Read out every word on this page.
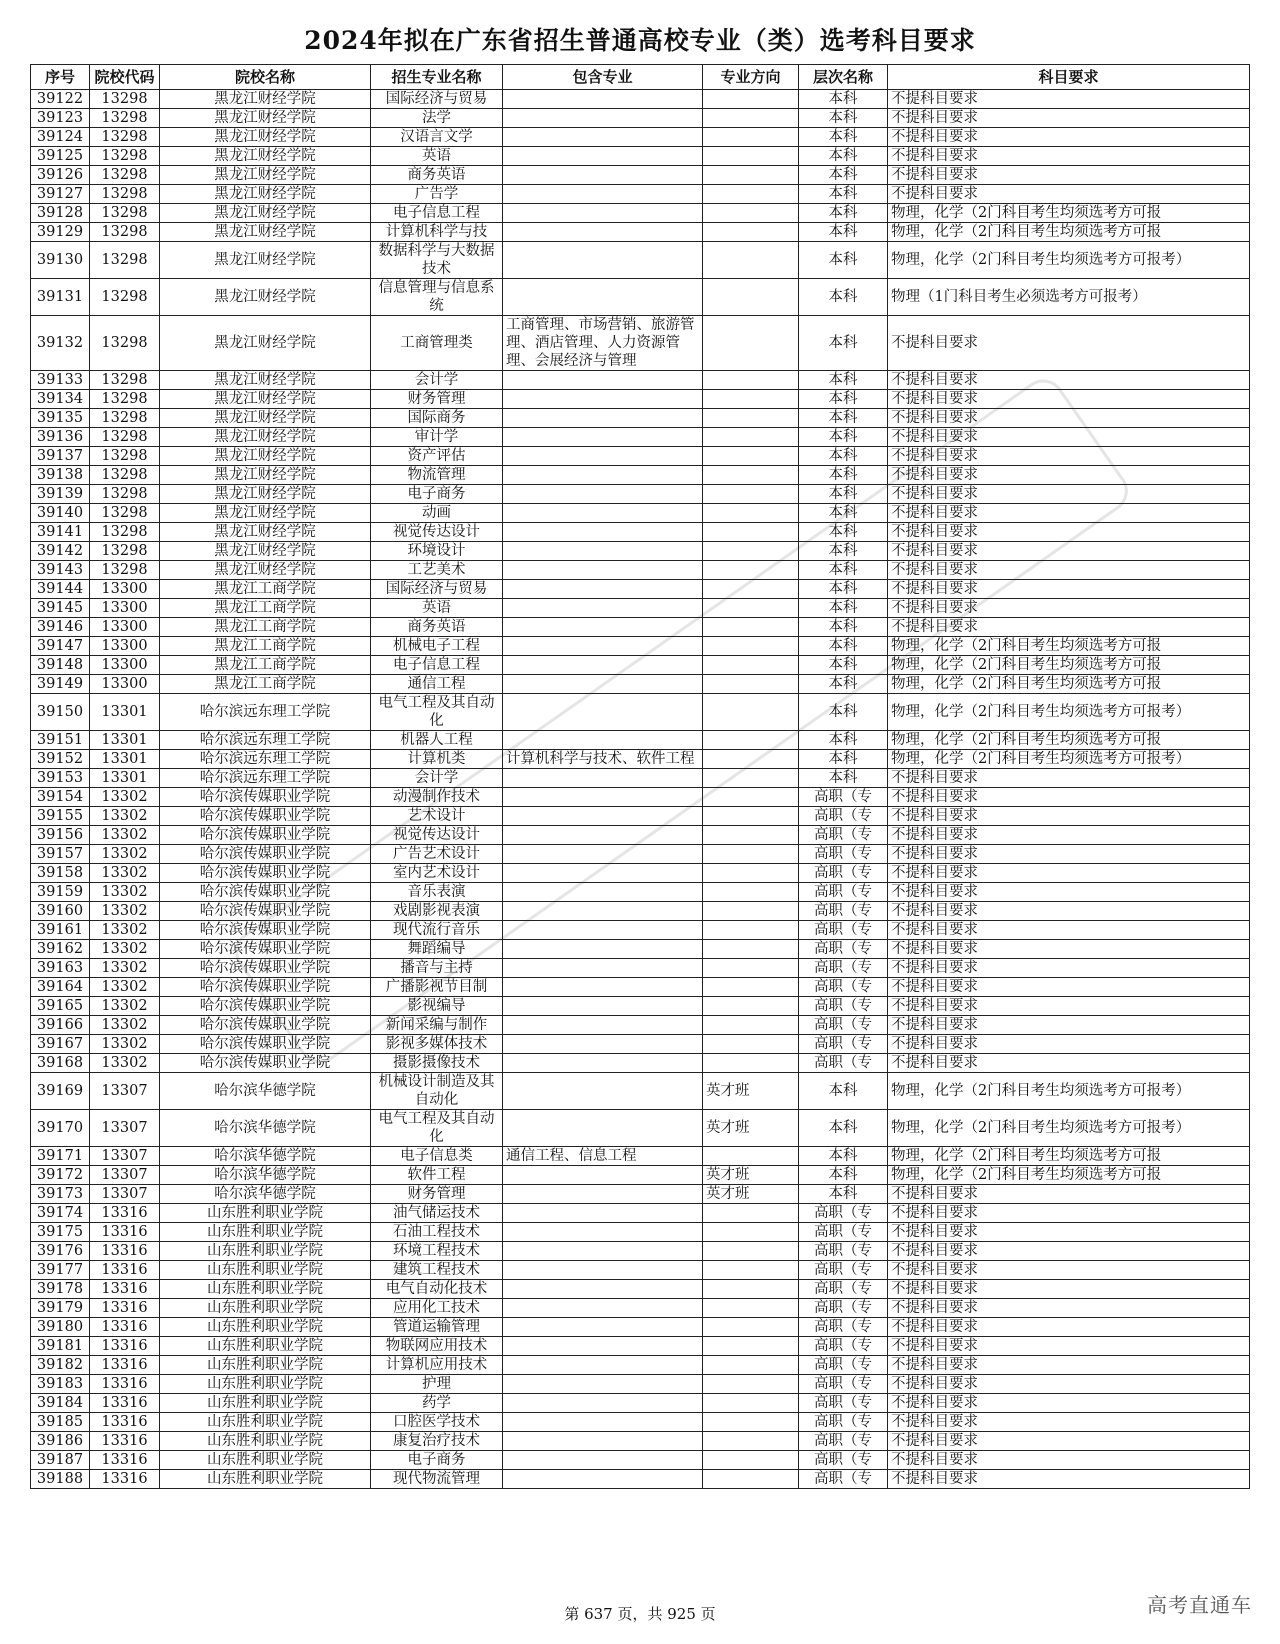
2024年拟在广东省招生普通高校专业（类）选考科目要求
序号	院校代码	院校名称	招生专业名称	包含专业	专业方向	层次名称	科目要求
39122	13298	黑龙江财经学院	国际经济与贸易			本科	不提科目要求
39123	13298	黑龙江财经学院	法学			本科	不提科目要求
39124	13298	黑龙江财经学院	汉语言文学			本科	不提科目要求
39125	13298	黑龙江财经学院	英语			本科	不提科目要求
39126	13298	黑龙江财经学院	商务英语			本科	不提科目要求
39127	13298	黑龙江财经学院	广告学			本科	不提科目要求
39128	13298	黑龙江财经学院	电子信息工程			本科	物理，化学（2门科目考生均须选考方可报
39129	13298	黑龙江财经学院	计算机科学与技			本科	物理，化学（2门科目考生均须选考方可报
39130	13298	黑龙江财经学院	数据科学与大数据技术			本科	物理，化学（2门科目考生均须选考方可报考）
39131	13298	黑龙江财经学院	信息管理与信息系统			本科	物理（1门科目考生必须选考方可报考）
39132	13298	黑龙江财经学院	工商管理类	工商管理、市场营销、旅游管理、酒店管理、人力资源管理、会展经济与管理		本科	不提科目要求
39133	13298	黑龙江财经学院	会计学			本科	不提科目要求
39134	13298	黑龙江财经学院	财务管理			本科	不提科目要求
39135	13298	黑龙江财经学院	国际商务			本科	不提科目要求
39136	13298	黑龙江财经学院	审计学			本科	不提科目要求
39137	13298	黑龙江财经学院	资产评估			本科	不提科目要求
39138	13298	黑龙江财经学院	物流管理			本科	不提科目要求
39139	13298	黑龙江财经学院	电子商务			本科	不提科目要求
39140	13298	黑龙江财经学院	动画			本科	不提科目要求
39141	13298	黑龙江财经学院	视觉传达设计			本科	不提科目要求
39142	13298	黑龙江财经学院	环境设计			本科	不提科目要求
39143	13298	黑龙江财经学院	工艺美术			本科	不提科目要求
39144	13300	黑龙江工商学院	国际经济与贸易			本科	不提科目要求
39145	13300	黑龙江工商学院	英语			本科	不提科目要求
39146	13300	黑龙江工商学院	商务英语			本科	不提科目要求
39147	13300	黑龙江工商学院	机械电子工程			本科	物理，化学（2门科目考生均须选考方可报
39148	13300	黑龙江工商学院	电子信息工程			本科	物理，化学（2门科目考生均须选考方可报
39149	13300	黑龙江工商学院	通信工程			本科	物理，化学（2门科目考生均须选考方可报
39150	13301	哈尔滨远东理工学院	电气工程及其自动化			本科	物理，化学（2门科目考生均须选考方可报考）
39151	13301	哈尔滨远东理工学院	机器人工程			本科	物理，化学（2门科目考生均须选考方可报
39152	13301	哈尔滨远东理工学院	计算机类	计算机科学与技术、软件工程		本科	物理，化学（2门科目考生均须选考方可报考）
39153	13301	哈尔滨远东理工学院	会计学			本科	不提科目要求
39154	13302	哈尔滨传媒职业学院	动漫制作技术			高职（专	不提科目要求
39155	13302	哈尔滨传媒职业学院	艺术设计			高职（专	不提科目要求
39156	13302	哈尔滨传媒职业学院	视觉传达设计			高职（专	不提科目要求
39157	13302	哈尔滨传媒职业学院	广告艺术设计			高职（专	不提科目要求
39158	13302	哈尔滨传媒职业学院	室内艺术设计			高职（专	不提科目要求
39159	13302	哈尔滨传媒职业学院	音乐表演			高职（专	不提科目要求
39160	13302	哈尔滨传媒职业学院	戏剧影视表演			高职（专	不提科目要求
39161	13302	哈尔滨传媒职业学院	现代流行音乐			高职（专	不提科目要求
39162	13302	哈尔滨传媒职业学院	舞蹈编导			高职（专	不提科目要求
39163	13302	哈尔滨传媒职业学院	播音与主持			高职（专	不提科目要求
39164	13302	哈尔滨传媒职业学院	广播影视节目制			高职（专	不提科目要求
39165	13302	哈尔滨传媒职业学院	影视编导			高职（专	不提科目要求
39166	13302	哈尔滨传媒职业学院	新闻采编与制作			高职（专	不提科目要求
39167	13302	哈尔滨传媒职业学院	影视多媒体技术			高职（专	不提科目要求
39168	13302	哈尔滨传媒职业学院	摄影摄像技术			高职（专	不提科目要求
39169	13307	哈尔滨华德学院	机械设计制造及其自动化		英才班	本科	物理，化学（2门科目考生均须选考方可报考）
39170	13307	哈尔滨华德学院	电气工程及其自动化		英才班	本科	物理，化学（2门科目考生均须选考方可报考）
39171	13307	哈尔滨华德学院	电子信息类	通信工程、信息工程		本科	物理，化学（2门科目考生均须选考方可报
39172	13307	哈尔滨华德学院	软件工程		英才班	本科	物理，化学（2门科目考生均须选考方可报
39173	13307	哈尔滨华德学院	财务管理		英才班	本科	不提科目要求
39174	13316	山东胜利职业学院	油气储运技术			高职（专	不提科目要求
39175	13316	山东胜利职业学院	石油工程技术			高职（专	不提科目要求
39176	13316	山东胜利职业学院	环境工程技术			高职（专	不提科目要求
39177	13316	山东胜利职业学院	建筑工程技术			高职（专	不提科目要求
39178	13316	山东胜利职业学院	电气自动化技术			高职（专	不提科目要求
39179	13316	山东胜利职业学院	应用化工技术			高职（专	不提科目要求
39180	13316	山东胜利职业学院	管道运输管理			高职（专	不提科目要求
39181	13316	山东胜利职业学院	物联网应用技术			高职（专	不提科目要求
39182	13316	山东胜利职业学院	计算机应用技术			高职（专	不提科目要求
39183	13316	山东胜利职业学院	护理			高职（专	不提科目要求
39184	13316	山东胜利职业学院	药学			高职（专	不提科目要求
39185	13316	山东胜利职业学院	口腔医学技术			高职（专	不提科目要求
39186	13316	山东胜利职业学院	康复治疗技术			高职（专	不提科目要求
39187	13316	山东胜利职业学院	电子商务			高职（专	不提科目要求
39188	13316	山东胜利职业学院	现代物流管理			高职（专	不提科目要求
第 637 页，共 925 页	高考直通车
